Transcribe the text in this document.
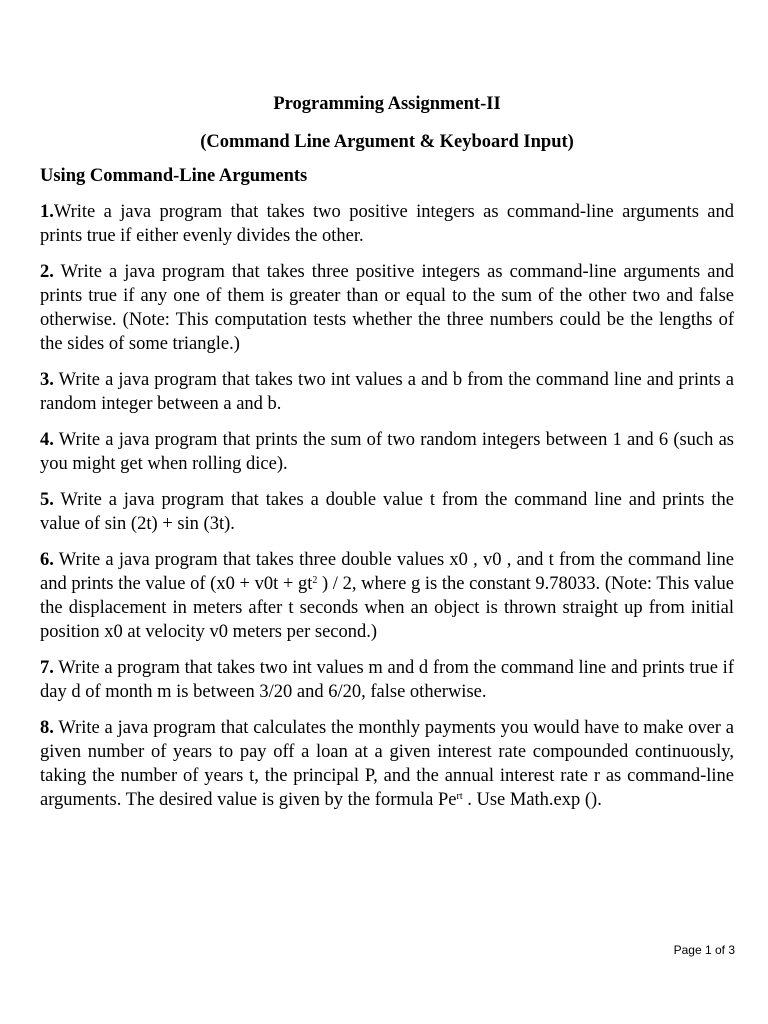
Programming Assignment-II

(Command Line Argument & Keyboard Input)

Using Command-Line Arguments

1.Write a java program that takes two positive integers as command-line arguments and prints true if either evenly divides the other.

2. Write a java program that takes three positive integers as command-line arguments and prints true if any one of them is greater than or equal to the sum of the other two and false otherwise. (Note: This computation tests whether the three numbers could be the lengths of the sides of some triangle.)

3. Write a java program that takes two int values a and b from the command line and prints a random integer between a and b.

4. Write a java program that prints the sum of two random integers between 1 and 6 (such as you might get when rolling dice).

5. Write a java program that takes a double value t from the command line and prints the value of sin (2t) + sin (3t).

6. Write a java program that takes three double values x0 , v0 , and t from the command line and prints the value of ($x0 + v0t + gt^2$ ) / 2, where g is the constant 9.78033. (Note: This value the displacement in meters after t seconds when an object is thrown straight up from initial position x0 at velocity v0 meters per second.)

7. Write a program that takes two int values m and d from the command line and prints true if day d of month m is between 3/20 and 6/20, false otherwise.

8. Write a java program that calculates the monthly payments you would have to make over a given number of years to pay off a loan at a given interest rate compounded continuously, taking the number of years t, the principal P, and the annual interest rate r as command-line arguments. The desired value is given by the formula $Pe^{rt}$ . Use Math.exp ().

Page 1 of 3
